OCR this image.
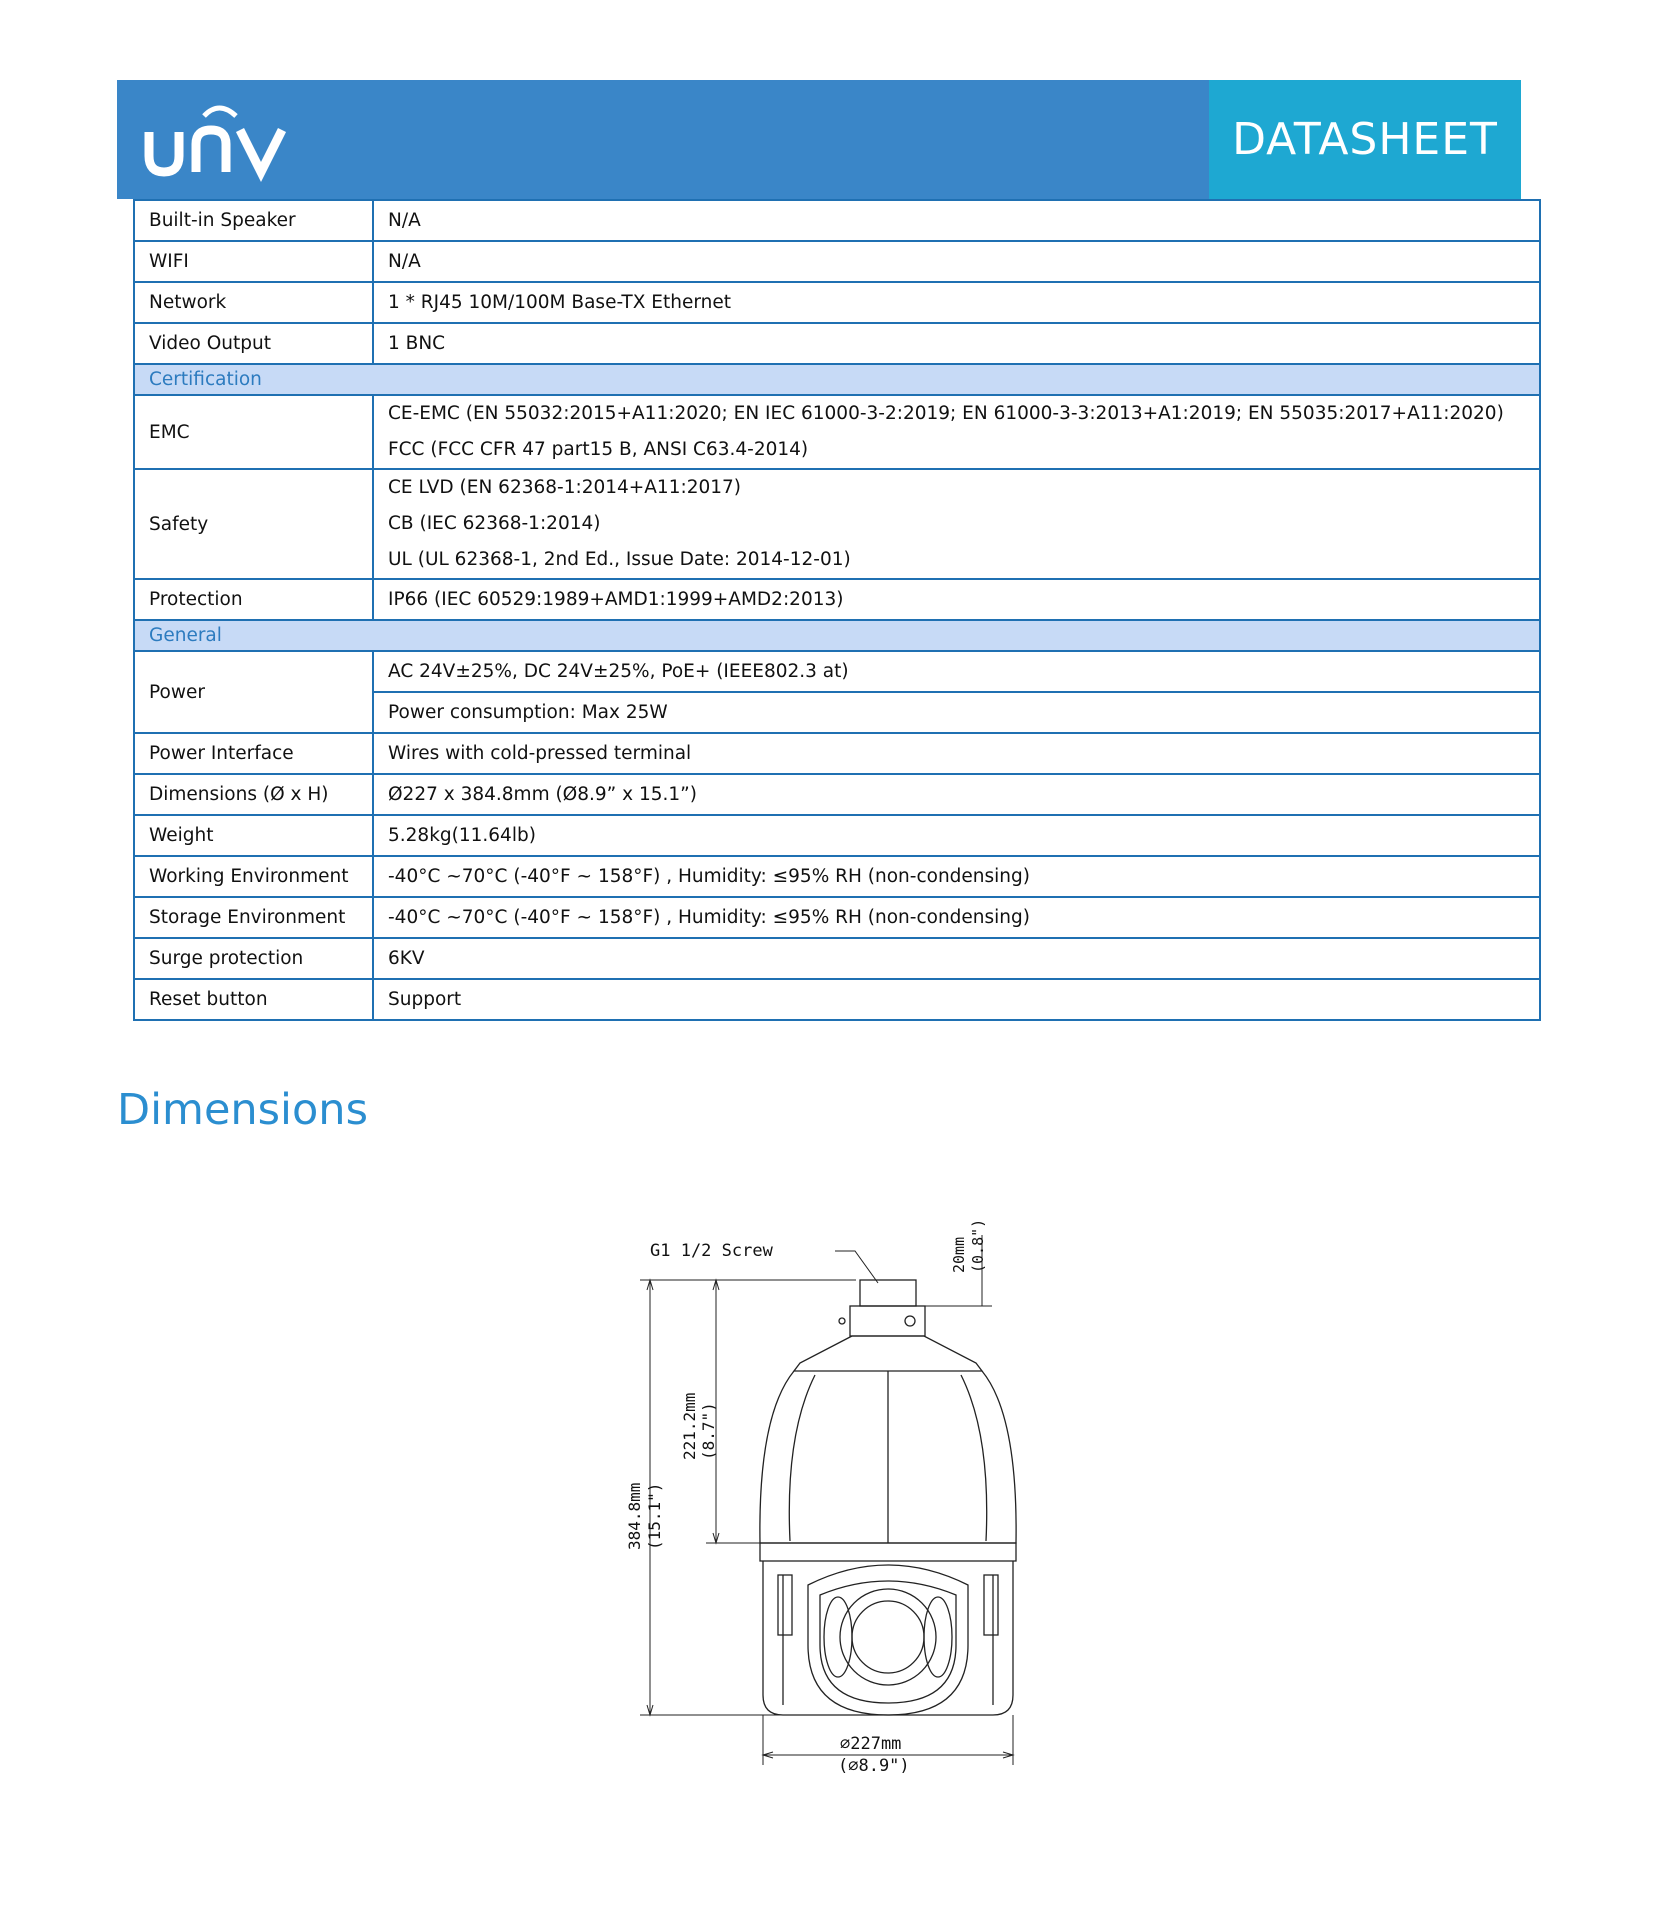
DATASHEET
Built-in Speaker	N/A
WIFI	N/A
Network	1 * RJ45 10M/100M Base-TX Ethernet
Video Output	1 BNC
Certification	
EMC	CE-EMC (EN 55032:2015+A11:2020; EN IEC 61000-3-2:2019; EN 61000-3-3:2013+A1:2019; EN 55035:2017+A11:2020)
FCC (FCC CFR 47 part15 B, ANSI C63.4-2014)

Safety	CE LVD (EN 62368-1:2014+A11:2017)
CB (IEC 62368-1:2014)
UL (UL 62368-1, 2nd Ed., Issue Date: 2014-12-01)

Protection	IP66 (IEC 60529:1989+AMD1:1999+AMD2:2013)
General	
Power	AC 24V±25%, DC 24V±25%, PoE+ (IEEE802.3 at)
	Power consumption: Max 25W
Power Interface	Wires with cold-pressed terminal
Dimensions (Ø x H)	Ø227 x 384.8mm (Ø8.9” x 15.1”)
Weight	5.28kg(11.64lb)
Working Environment	-40°C ~70°C (-40°F ~ 158°F) , Humidity: ≤95% RH (non-condensing)
Storage Environment	-40°C ~70°C (-40°F ~ 158°F) , Humidity: ≤95% RH (non-condensing)
Surge protection	6KV
Reset button	Support
Dimensions
G1 1/2 Screw	20mm (0.8")
221.2mm (8.7")
384.8mm (15.1")
∅227mm
(∅8.9")
